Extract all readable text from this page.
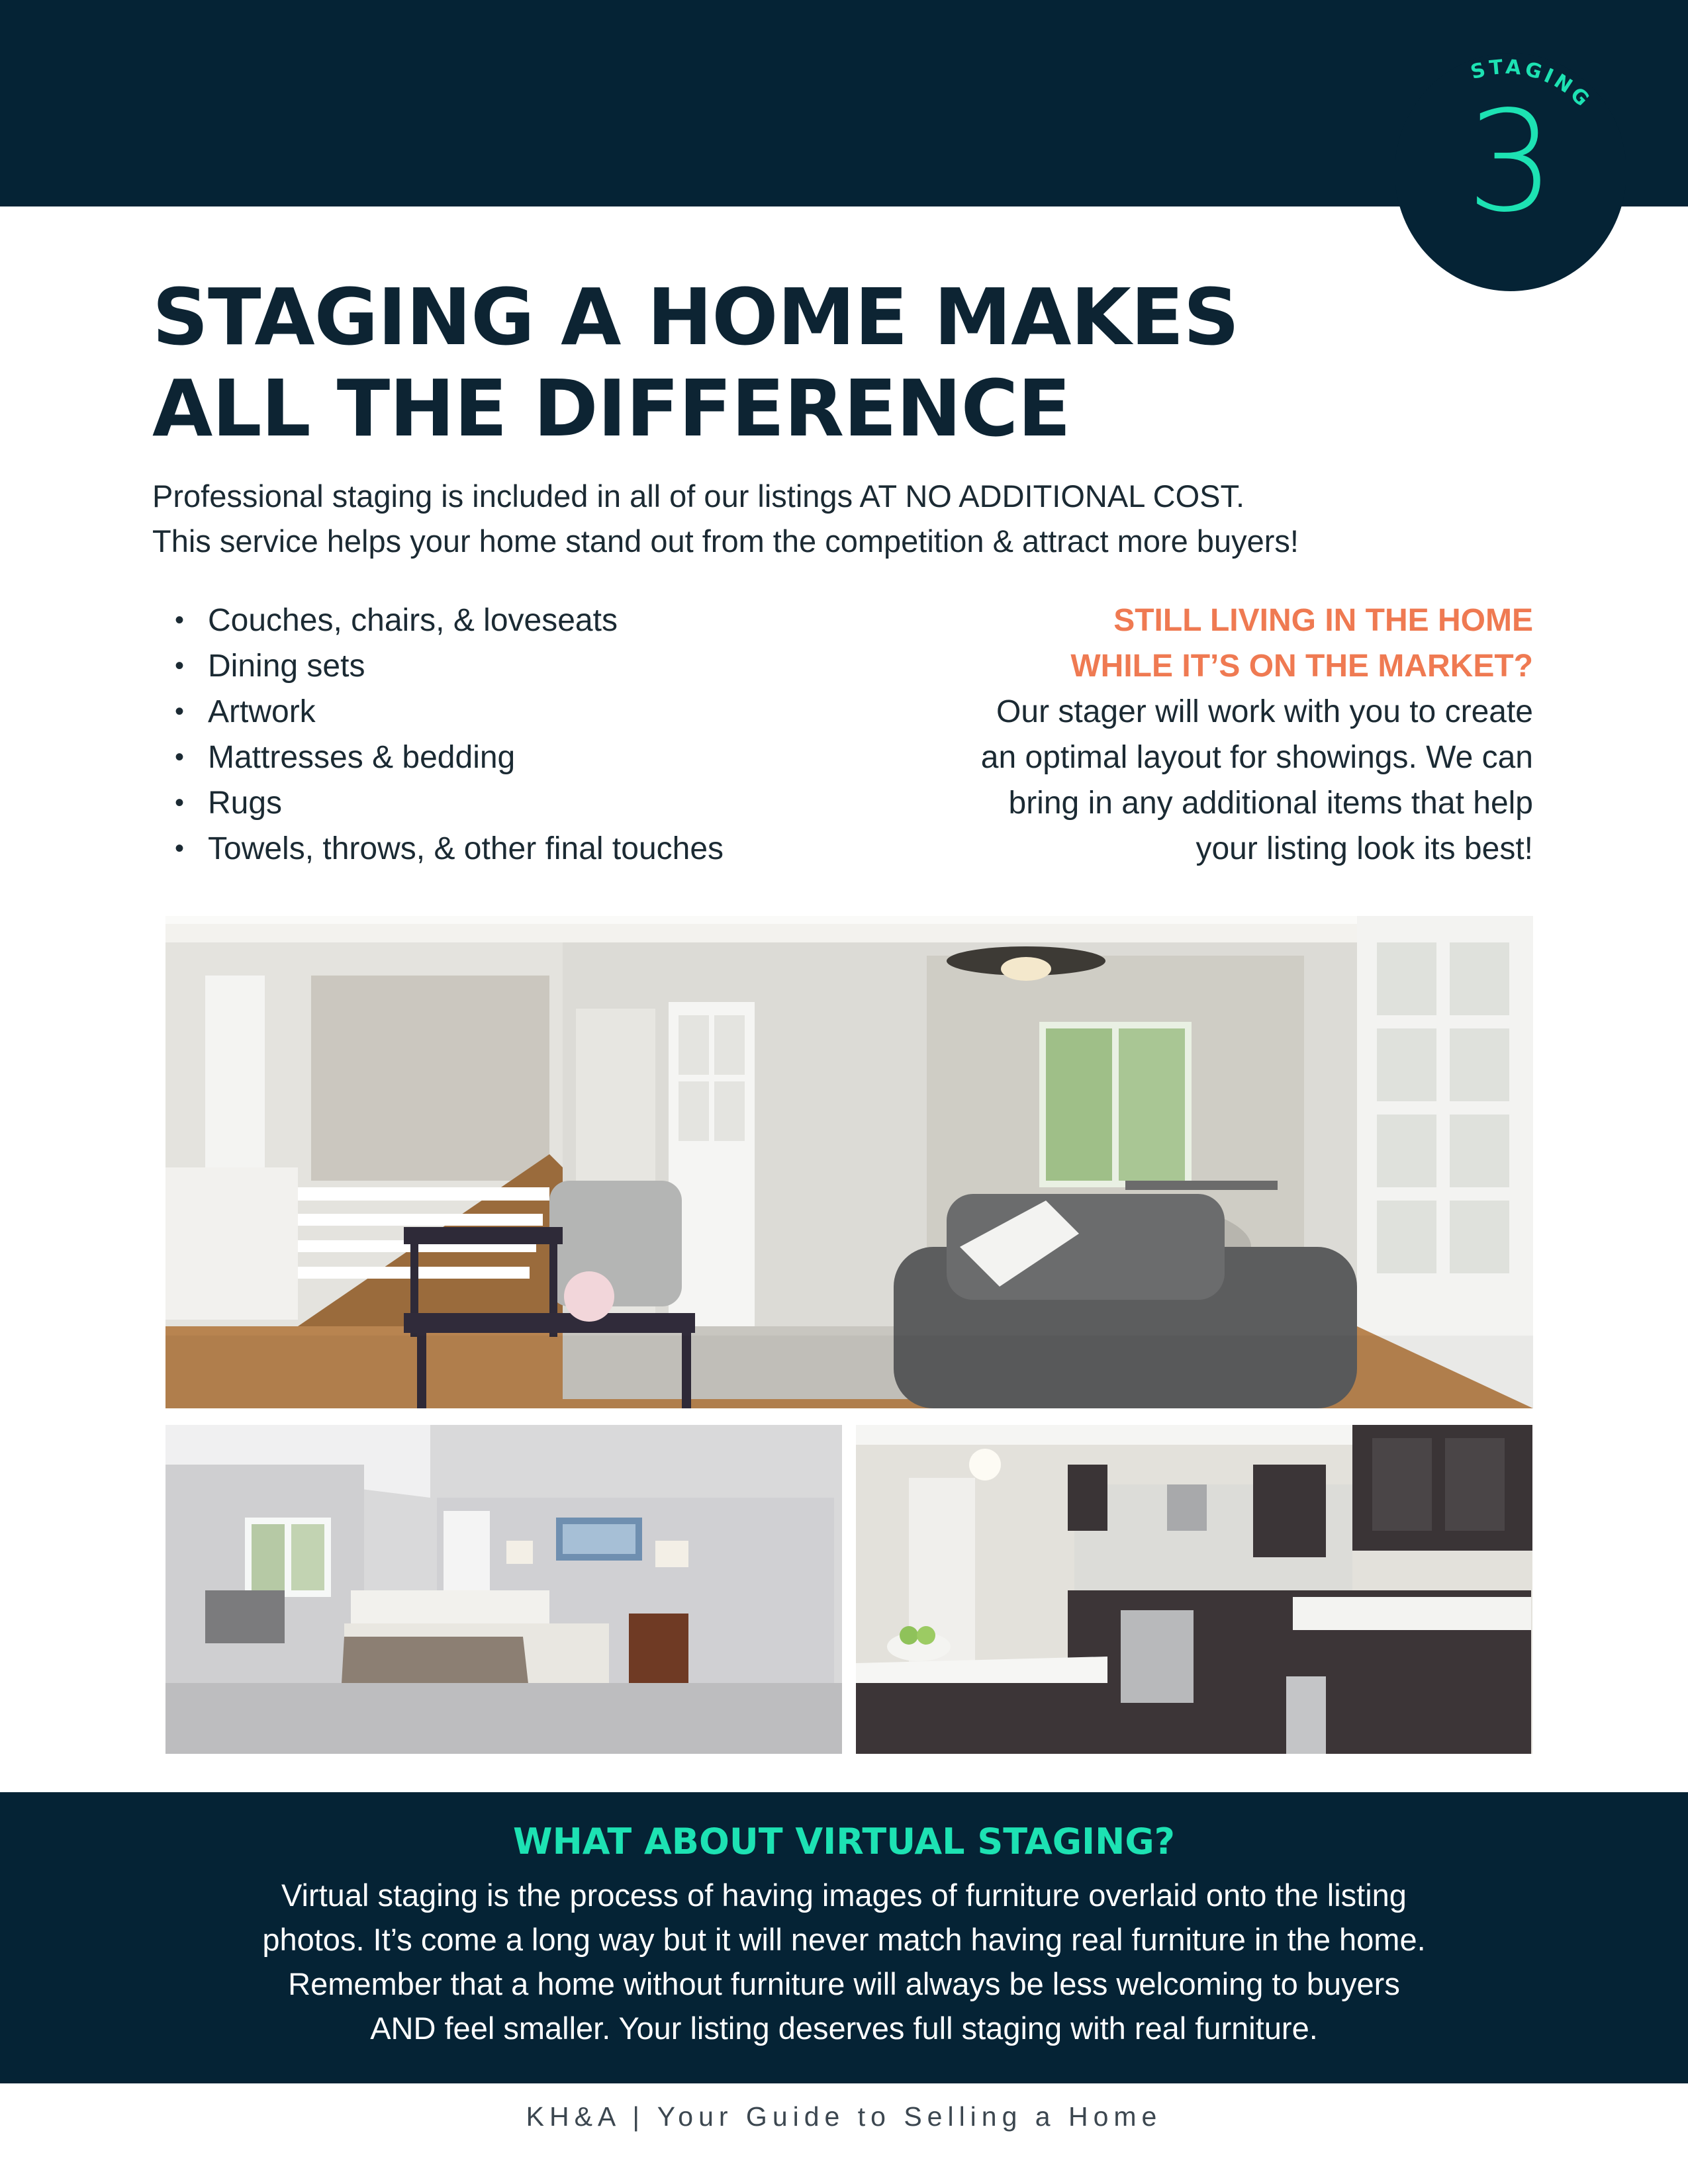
STAGING
3
STAGING A HOME MAKES
ALL THE DIFFERENCE
Professional staging is included in all of our listings AT NO ADDITIONAL COST.
This service helps your home stand out from the competition & attract more buyers!
• Couches, chairs, & loveseats
• Dining sets
• Artwork
• Mattresses & bedding
• Rugs
• Towels, throws, & other final touches
STILL LIVING IN THE HOME
WHILE IT’S ON THE MARKET?
Our stager will work with you to create
an optimal layout for showings. We can
bring in any additional items that help
your listing look its best!
WHAT ABOUT VIRTUAL STAGING?
Virtual staging is the process of having images of furniture overlaid onto the listing
photos. It’s come a long way but it will never match having real furniture in the home.
Remember that a home without furniture will always be less welcoming to buyers
AND feel smaller. Your listing deserves full staging with real furniture.
KH&A | Your Guide to Selling a Home
